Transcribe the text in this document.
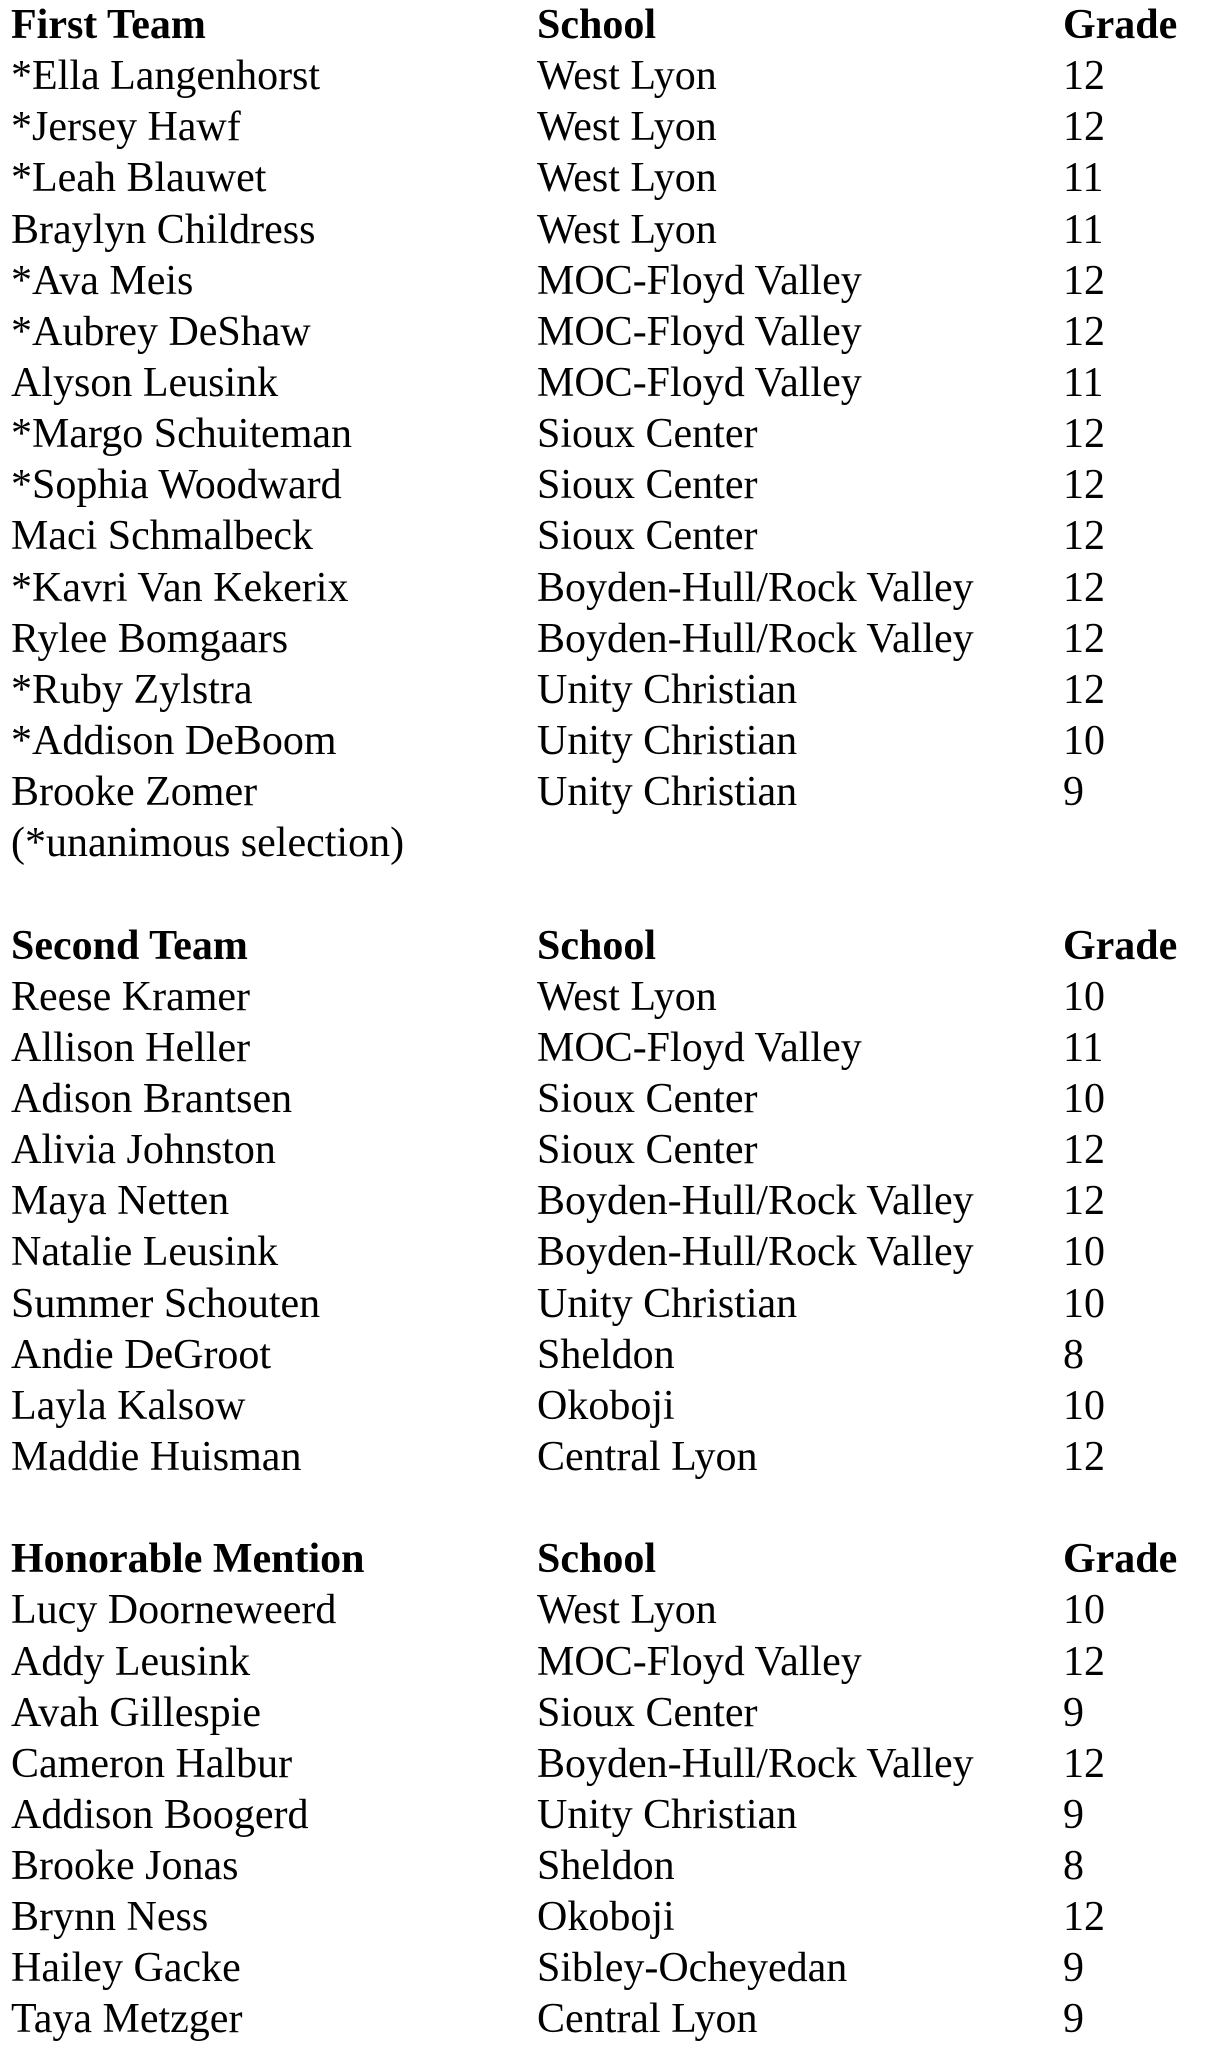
First Team	School	Grade
*Ella Langenhorst	West Lyon	12
*Jersey Hawf	West Lyon	12
*Leah Blauwet	West Lyon	11
Braylyn Childress	West Lyon	11
*Ava Meis	MOC-Floyd Valley	12
*Aubrey DeShaw	MOC-Floyd Valley	12
Alyson Leusink	MOC-Floyd Valley	11
*Margo Schuiteman	Sioux Center	12
*Sophia Woodward	Sioux Center	12
Maci Schmalbeck	Sioux Center	12
*Kavri Van Kekerix	Boyden-Hull/Rock Valley 12
Rylee Bomgaars	Boyden-Hull/Rock Valley 12
*Ruby Zylstra	Unity Christian	12
*Addison DeBoom	Unity Christian	10
Brooke Zomer	Unity Christian	9
(*unanimous selection)
Second Team	School	Grade
Reese Kramer	West Lyon	10
Allison Heller	MOC-Floyd Valley	11
Adison Brantsen	Sioux Center	10
Alivia Johnston	Sioux Center	12
Maya Netten	Boyden-Hull/Rock Valley 12
Natalie Leusink	Boyden-Hull/Rock Valley 10
Summer Schouten	Unity Christian	10
Andie DeGroot	Sheldon	8
Layla Kalsow	Okoboji	10
Maddie Huisman	Central Lyon	12
Honorable Mention	School	Grade
Lucy Doorneweerd	West Lyon	10
Addy Leusink	MOC-Floyd Valley	12
Avah Gillespie	Sioux Center	9
Cameron Halbur	Boyden-Hull/Rock Valley 12
Addison Boogerd	Unity Christian	9
Brooke Jonas	Sheldon	8
Brynn Ness	Okoboji	12
Hailey Gacke	Sibley-Ocheyedan	9
Taya Metzger	Central Lyon	9
